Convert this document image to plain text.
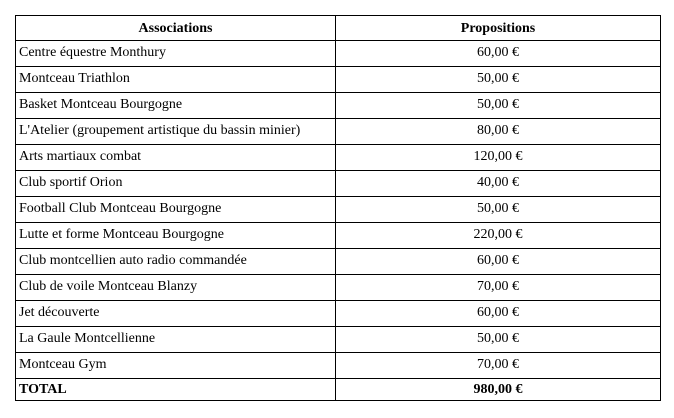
Associations	Propositions
Centre équestre Monthury	60,00 €
Montceau Triathlon	50,00 €
Basket Montceau Bourgogne	50,00 €
L'Atelier (groupement artistique du bassin minier)	80,00 €
Arts martiaux combat	120,00 €
Club sportif Orion	40,00 €
Football Club Montceau Bourgogne	50,00 €
Lutte et forme Montceau Bourgogne	220,00 €
Club montcellien auto radio commandée	60,00 €
Club de voile Montceau Blanzy	70,00 €
Jet découverte	60,00 €
La Gaule Montcellienne	50,00 €
Montceau Gym	70,00 €
TOTAL	980,00 €
